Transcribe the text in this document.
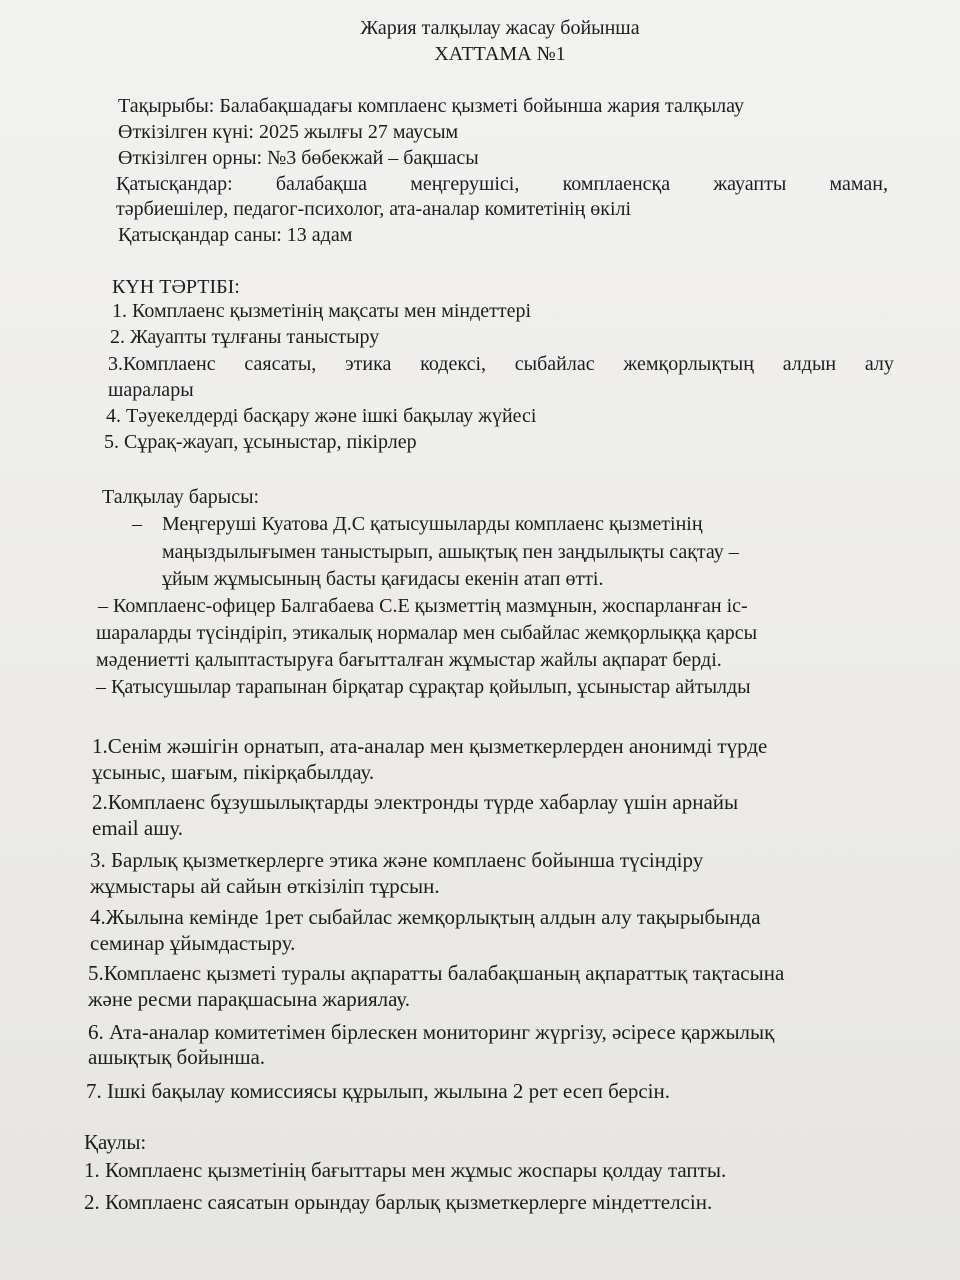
Жария талқылау жасау бойынша
ХАТТАМА №1
Тақырыбы: Балабақшадағы комплаенс қызметі бойынша жария талқылау
Өткізілген күні: 2025 жылғы 27 маусым
Өткізілген орны: №3 бөбекжай – бақшасы
Қатысқандар: балабақша меңгерушісі, комплаенсқа жауапты маман,
тәрбиешілер, педагог-психолог, ата-аналар комитетінің өкілі
Қатысқандар саны: 13 адам
КҮН ТӘРТІБІ:
1. Комплаенс қызметінің мақсаты мен міндеттері
2. Жауапты тұлғаны таныстыру
3.Комплаенс саясаты, этика кодексі, сыбайлас жемқорлықтың алдын алу
шаралары
4. Тәуекелдерді басқару және ішкі бақылау жүйесі
5. Сұрақ-жауап, ұсыныстар, пікірлер
Талқылау барысы:
– Меңгеруші Куатова Д.С қатысушыларды комплаенс қызметінің
маңыздылығымен таныстырып, ашықтық пен заңдылықты сақтау –
ұйым жұмысының басты қағидасы екенін атап өтті.
– Комплаенс-офицер Балгабаева С.Е қызметтің мазмұнын, жоспарланған іс-
шараларды түсіндіріп, этикалық нормалар мен сыбайлас жемқорлыққа қарсы
мәдениетті қалыптастыруға бағытталған жұмыстар жайлы ақпарат берді.
– Қатысушылар тарапынан бірқатар сұрақтар қойылып, ұсыныстар айтылды
1.Сенім жәшігін орнатып, ата-аналар мен қызметкерлерден анонимді түрде
ұсыныс, шағым, пікірқабылдау.
2.Комплаенс бұзушылықтарды электронды түрде хабарлау үшін арнайы
email ашу.
3. Барлық қызметкерлерге этика және комплаенс бойынша түсіндіру
жұмыстары ай сайын өткізіліп тұрсын.
4.Жылына кемінде 1рет сыбайлас жемқорлықтың алдын алу тақырыбында
семинар ұйымдастыру.
5.Комплаенс қызметі туралы ақпаратты балабақшаның ақпараттық тақтасына
және ресми парақшасына жариялау.
6. Ата-аналар комитетімен бірлескен мониторинг жүргізу, әсіресе қаржылық
ашықтық бойынша.
7. Ішкі бақылау комиссиясы құрылып, жылына 2 рет есеп берсін.
Қаулы:
1. Комплаенс қызметінің бағыттары мен жұмыс жоспары қолдау тапты.
2. Комплаенс саясатын орындау барлық қызметкерлерге міндеттелсін.
